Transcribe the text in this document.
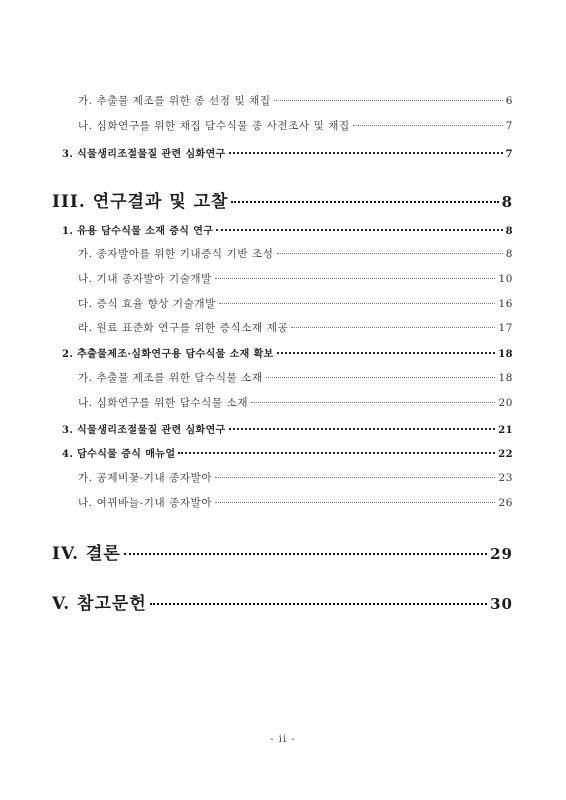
가. 추출물 제조를 위한 종 선정 및 채집	6
나. 심화연구를 위한 채집 담수식물 종 사전조사 및 채집	7
3. 식물생리조절물질 관련 심화연구	7
III. 연구결과 및 고찰	8
1. 유용 담수식물 소재 증식 연구	8
가. 종자발아를 위한 기내증식 기반 조성	8
나. 기내 종자발아 기술개발	10
다. 증식 효율 향상 기술개발	16
라. 원료 표준화 연구를 위한 증식소재 제공	17
2. 추출물제조·심화연구용 담수식물 소재 확보	18
가. 추출물 제조를 위한 담수식물 소재	18
나. 심화연구를 위한 담수식물 소재	20
3. 식물생리조절물질 관련 심화연구	21
4. 담수식물 증식 매뉴얼	22
가. 공제비꽃-기내 종자발아	23
나. 여뀌바늘-기내 종자발아	26
IV. 결론	29
V. 참고문헌	30
- ii -
